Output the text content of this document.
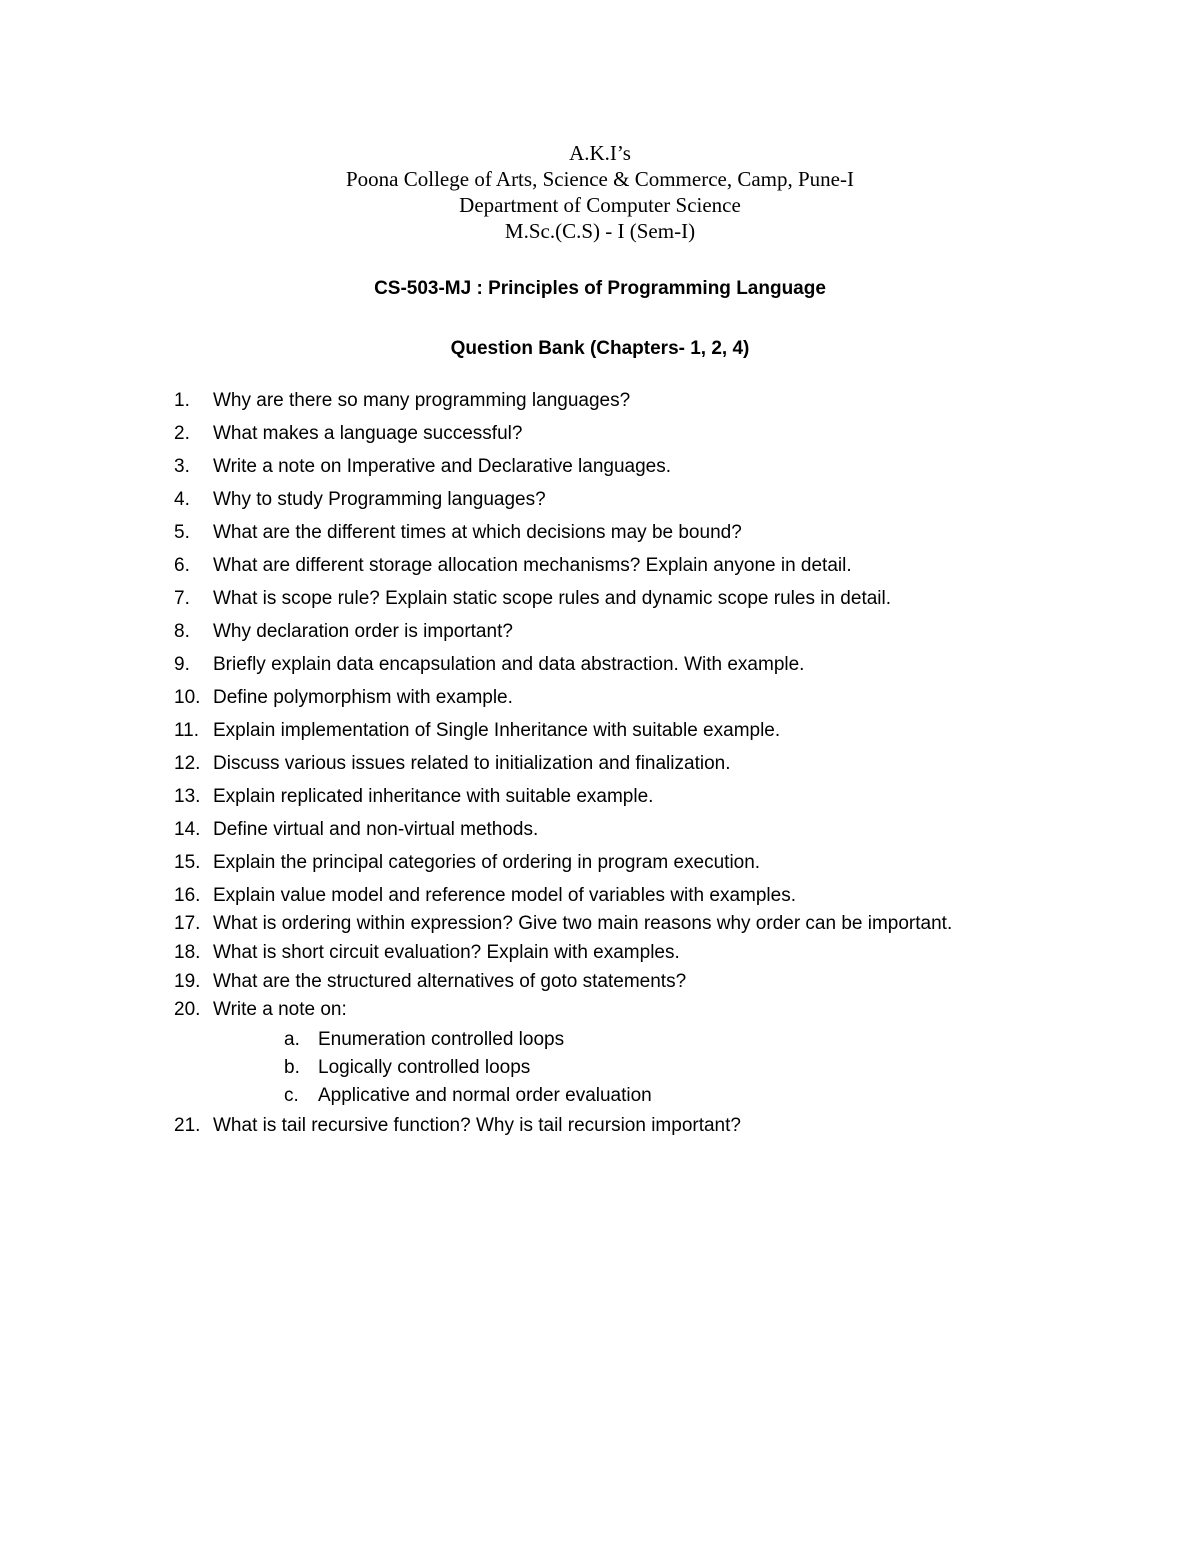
A.K.I’s
Poona College of Arts, Science & Commerce, Camp, Pune-I
Department of Computer Science
M.Sc.(C.S) - I (Sem-I)
CS-503-MJ : Principles of Programming Language
Question Bank (Chapters- 1, 2, 4)
1. Why are there so many programming languages?
2. What makes a language successful?
3. Write a note on Imperative and Declarative languages.
4. Why to study Programming languages?
5. What are the different times at which decisions may be bound?
6. What are different storage allocation mechanisms? Explain anyone in detail.
7. What is scope rule? Explain static scope rules and dynamic scope rules in detail.
8. Why declaration order is important?
9. Briefly explain data encapsulation and data abstraction. With example.
10. Define polymorphism with example.
11. Explain implementation of Single Inheritance with suitable example.
12. Discuss various issues related to initialization and finalization.
13. Explain replicated inheritance with suitable example.
14. Define virtual and non-virtual methods.
15. Explain the principal categories of ordering in program execution.
16. Explain value model and reference model of variables with examples.
17. What is ordering within expression? Give two main reasons why order can be important.
18. What is short circuit evaluation? Explain with examples.
19. What are the structured alternatives of goto statements?
20. Write a note on:
a. Enumeration controlled loops
b. Logically controlled loops
c. Applicative and normal order evaluation
21. What is tail recursive function? Why is tail recursion important?
